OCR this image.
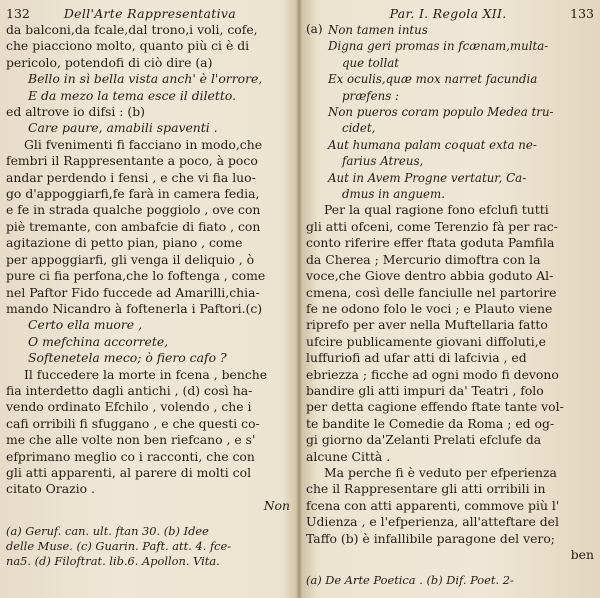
132	Dell'Arte Rappresentativa
da balconi,da fcale,dal trono,i voli, cofe,
che piacciono molto, quanto più ci è di
pericolo, potendofi di ciò dire (a)
Bello in sì bella vista anch' è l'orrore,
E da mezo la tema esce il diletto.
ed altrove io difsi : (b)
Care paure, amabili spaventi .
Gli fvenimenti fi facciano in modo,che
fembri il Rappresentante a poco, à poco
andar perdendo i fensi , e che vi fia luo-
go d'appoggiarfi,fe farà in camera fedia,
e fe in strada qualche poggiolo , ove con
piè tremante, con ambafcie di fiato , con
agitazione di petto pian, piano , come
per appoggiarfi, gli venga il deliquio , ò
pure ci fia perfona,che lo foftenga , come
nel Paftor Fido fuccede ad Amarilli,chia-
mando Nicandro à foftenerla i Paftori.(c)
Certo ella muore ,
O mefchina accorrete,
Softenetela meco; ò fiero cafo ?
Il fuccedere la morte in fcena , benche
fia interdetto dagli antichi , (d) così ha-
vendo ordinato Efchilo , volendo , che i
cafi orribili fi sfuggano , e che questi co-
me che alle volte non ben riefcano , e s'
efprimano meglio co i racconti, che con
gli atti apparenti, al parere di molti col
citato Orazio .
Non
(a) Geruf. can. ult. ftan 30. (b) Idee
delle Muse. (c) Guarin. Paft. att. 4. fce-
na5. (d) Filoftrat. lib.6. Apollon. Vita.
Par. I. Regola XII.	133
(a) Non tamen intus
Digna geri promas in fcænam,multa-
que tollat
Ex oculis,quæ mox narret facundia
præfens :
Non pueros coram populo Medea tru-
cidet,
Aut humana palam coquat exta ne-
farius Atreus,
Aut in Avem Progne vertatur, Ca-
dmus in anguem.
Per la qual ragione fono efclufi tutti
gli atti ofceni, come Terenzio fà per rac-
conto riferire effer ftata goduta Pamfila
da Cherea ; Mercurio dimoftra con la
voce,che Giove dentro abbia goduto Al-
cmena, così delle fanciulle nel partorire
fe ne odono folo le voci ; e Plauto viene
riprefo per aver nella Muftellaria fatto
ufcire publicamente giovani diffoluti,e
luffuriofi ad ufar atti di lafcivia , ed
ebriezza ; ficche ad ogni modo fi devono
bandire gli atti impuri da' Teatri , folo
per detta cagione effendo ftate tante vol-
te bandite le Comedie da Roma ; ed og-
gi giorno da'Zelanti Prelati efclufe da
alcune Città .
Ma perche fi è veduto per efperienza
che il Rappresentare gli atti orribili in
fcena con atti apparenti, commove più l'
Udienza , e l'efperienza, all'atteftare del
Taffo (b) è infallibile paragone del vero;
ben
(a) De Arte Poetica . (b) Dif. Poet. 2-
